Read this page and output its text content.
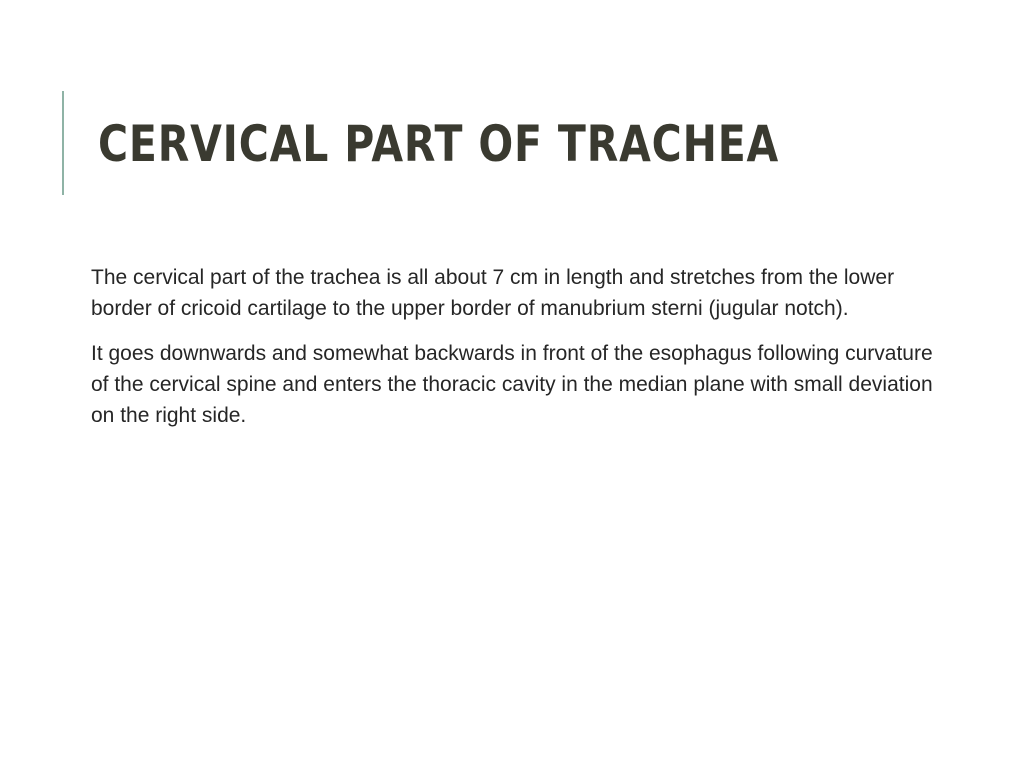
CERVICAL PART OF TRACHEA

The cervical part of the trachea is all about 7 cm in length and stretches from the lower border of cricoid cartilage to the upper border of manubrium sterni (jugular notch).

It goes downwards and somewhat backwards in front of the esophagus following curvature of the cervical spine and enters the thoracic cavity in the median plane with small deviation on the right side.
